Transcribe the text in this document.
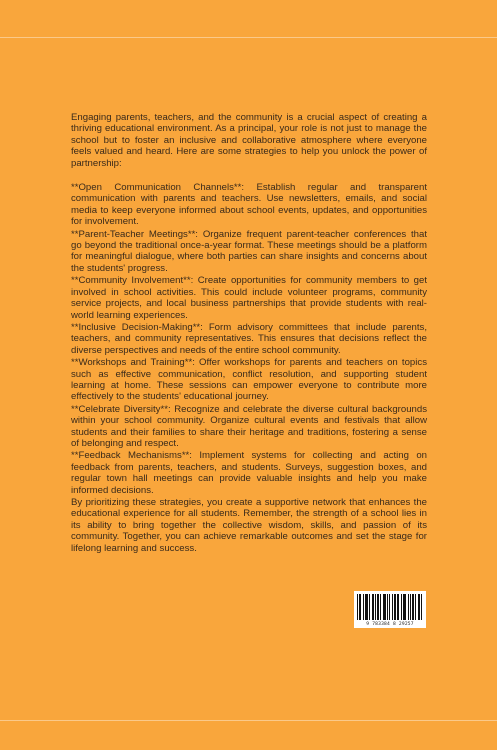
Engaging parents, teachers, and the community is a crucial aspect of creating a thriving educational environment. As a principal, your role is not just to manage the school but to foster an inclusive and collaborative atmosphere where everyone feels valued and heard. Here are some strategies to help you unlock the power of partnership:

**Open Communication Channels**: Establish regular and transparent communication with parents and teachers. Use newsletters, emails, and social media to keep everyone informed about school events, updates, and opportunities for involvement.

**Parent-Teacher Meetings**: Organize frequent parent-teacher conferences that go beyond the traditional once-a-year format. These meetings should be a platform for meaningful dialogue, where both parties can share insights and concerns about the students' progress.

**Community Involvement**: Create opportunities for community members to get involved in school activities. This could include volunteer programs, community service projects, and local business partnerships that provide students with real-world learning experiences.

**Inclusive Decision-Making**: Form advisory committees that include parents, teachers, and community representatives. This ensures that decisions reflect the diverse perspectives and needs of the entire school community.

**Workshops and Training**: Offer workshops for parents and teachers on topics such as effective communication, conflict resolution, and supporting student learning at home. These sessions can empower everyone to contribute more effectively to the students' educational journey.

**Celebrate Diversity**: Recognize and celebrate the diverse cultural backgrounds within your school community. Organize cultural events and festivals that allow students and their families to share their heritage and traditions, fostering a sense of belonging and respect.

**Feedback Mechanisms**: Implement systems for collecting and acting on feedback from parents, teachers, and students. Surveys, suggestion boxes, and regular town hall meetings can provide valuable insights and help you make informed decisions.

By prioritizing these strategies, you create a supportive network that enhances the educational experience for all students. Remember, the strength of a school lies in its ability to bring together the collective wisdom, skills, and passion of its community. Together, you can achieve remarkable outcomes and set the stage for lifelong learning and success.

9 783384 8 29257
